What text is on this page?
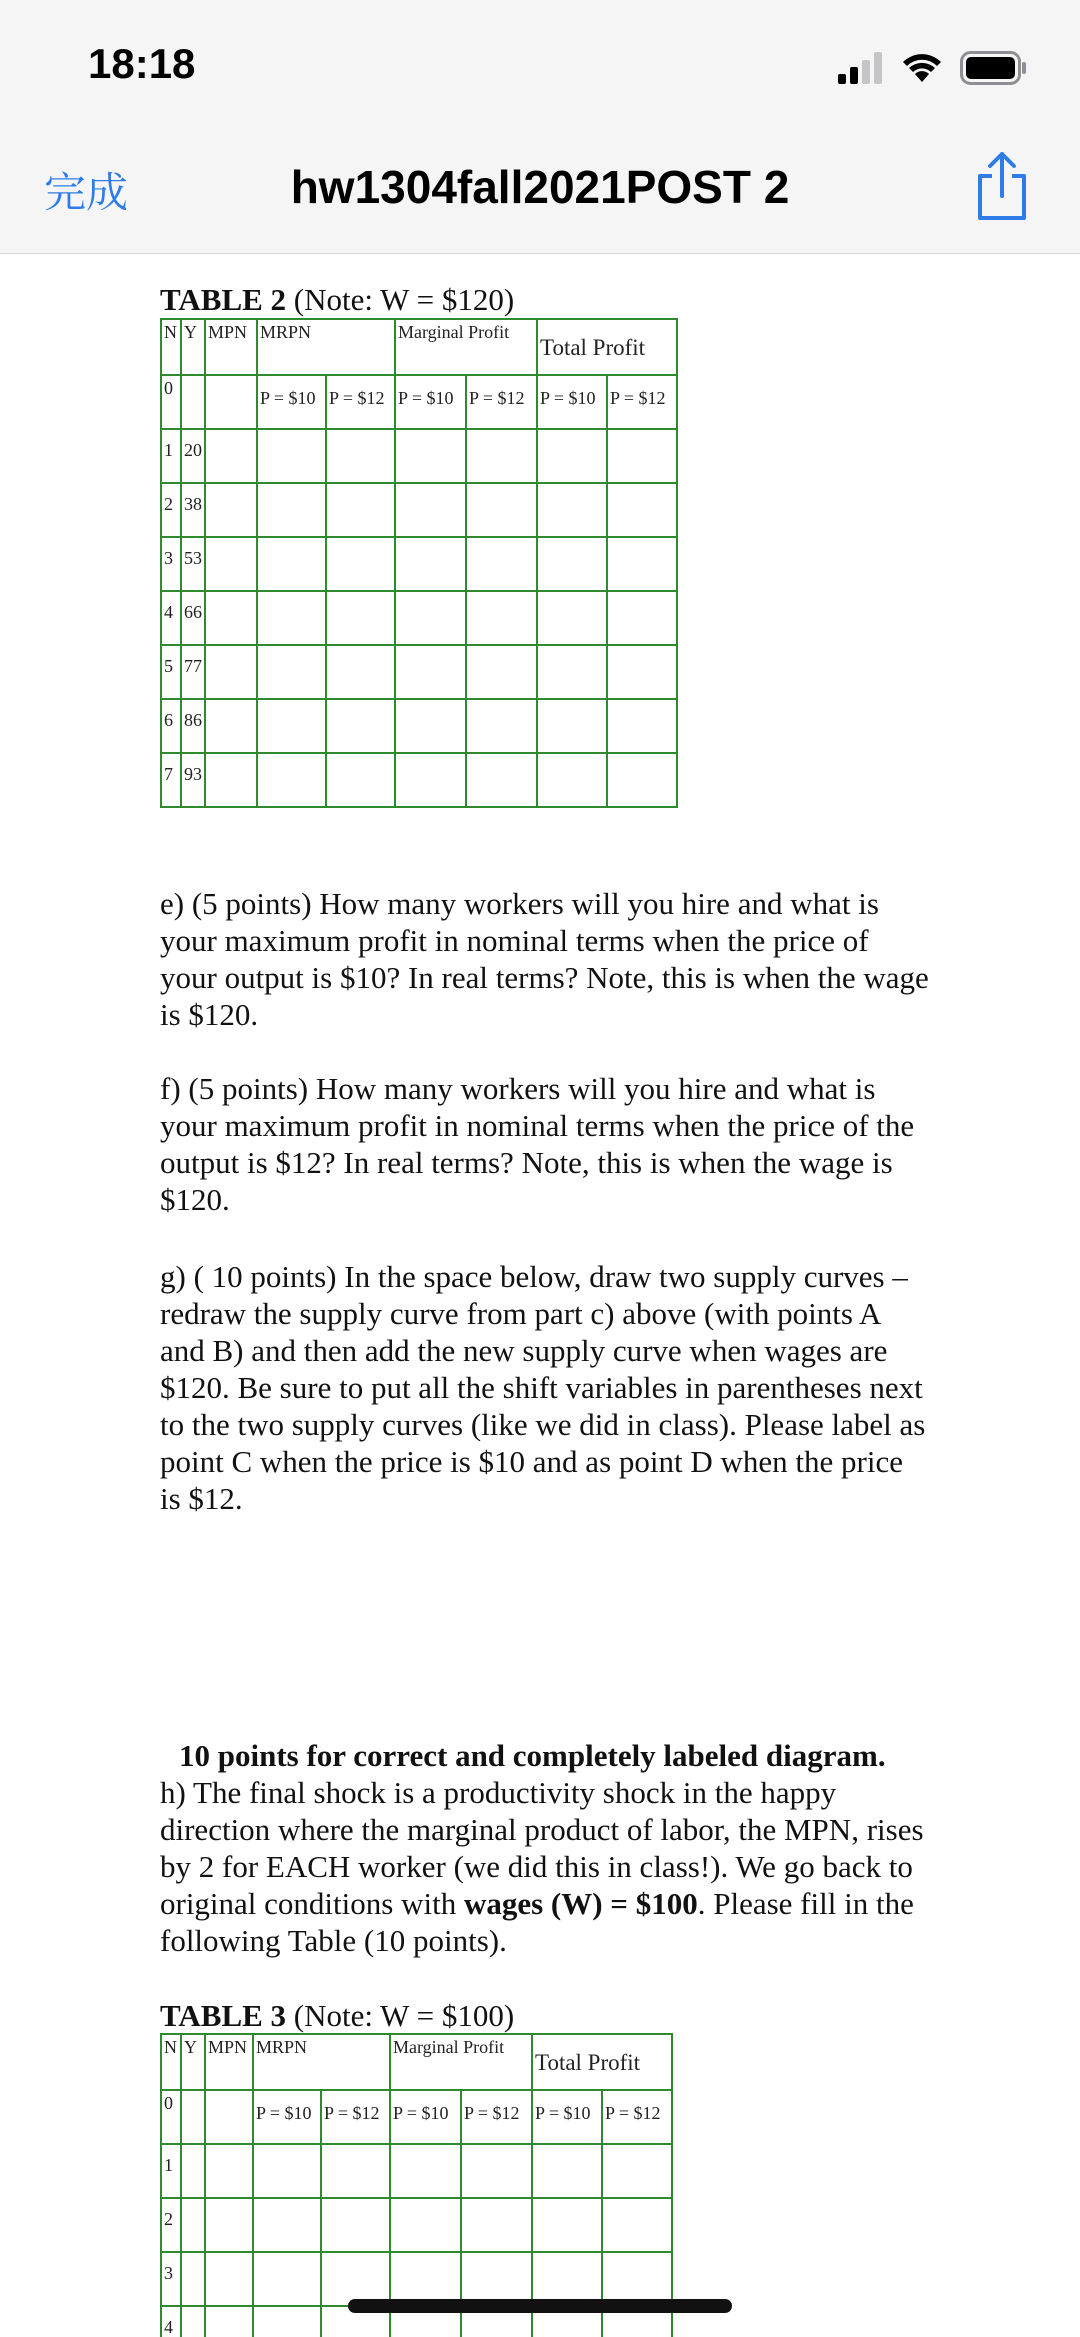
18:18
完成	hw1304fall2021POST 2
TABLE 2 (Note: W = $120)
N Y MPN MRPN	Marginal Profit
Total Profit
0	P = $10 P = $12 P = $10 P = $12 P = $10 P = $12
1 20
2 38
3 53
4 66
5 77
6 86
7 93
e) (5 points) How many workers will you hire and what is your maximum profit in nominal terms when the price of your output is $10? In real terms? Note, this is when the wage is $120.
f) (5 points) How many workers will you hire and what is your maximum profit in nominal terms when the price of the output is $12? In real terms? Note, this is when the wage is $120.
g) ( 10 points) In the space below, draw two supply curves – redraw the supply curve from part c) above (with points A and B) and then add the new supply curve when wages are $120. Be sure to put all the shift variables in parentheses next to the two supply curves (like we did in class). Please label as point C when the price is $10 and as point D when the price is $12.
10 points for correct and completely labeled diagram.
h) The final shock is a productivity shock in the happy direction where the marginal product of labor, the MPN, rises by 2 for EACH worker (we did this in class!). We go back to original conditions with wages (W) = $100. Please fill in the following Table (10 points).
TABLE 3 (Note: W = $100)
N Y MPN MRPN	Marginal Profit
Total Profit
0	P = $10 P = $12 P = $10 P = $12 P = $10 P = $12
1
2
3
4
